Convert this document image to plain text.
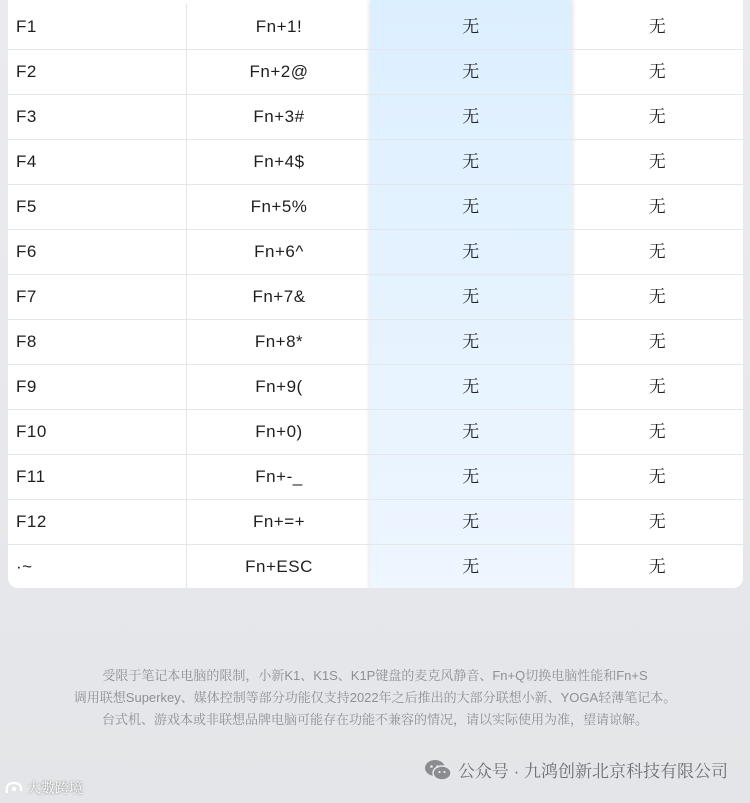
F1	Fn+1!	无	无
F2	Fn+2@	无	无
F3	Fn+3#	无	无
F4	Fn+4$	无	无
F5	Fn+5%	无	无
F6	Fn+6^	无	无
F7	Fn+7&	无	无
F8	Fn+8*	无	无
F9	Fn+9(	无	无
F10	Fn+0)	无	无
F11	Fn+-_	无	无
F12	Fn+=+	无	无
·~	Fn+ESC	无	无
受限于笔记本电脑的限制，小新K1、K1S、K1P键盘的麦克风静音、Fn+Q切换电脑性能和Fn+S
调用联想Superkey、媒体控制等部分功能仅支持2022年之后推出的大部分联想小新、YOGA轻薄笔记本。
台式机、游戏本或非联想品牌电脑可能存在功能不兼容的情况，请以实际使用为准，望请谅解。
公众号 · 九鸿创新北京科技有限公司
大數跨境
